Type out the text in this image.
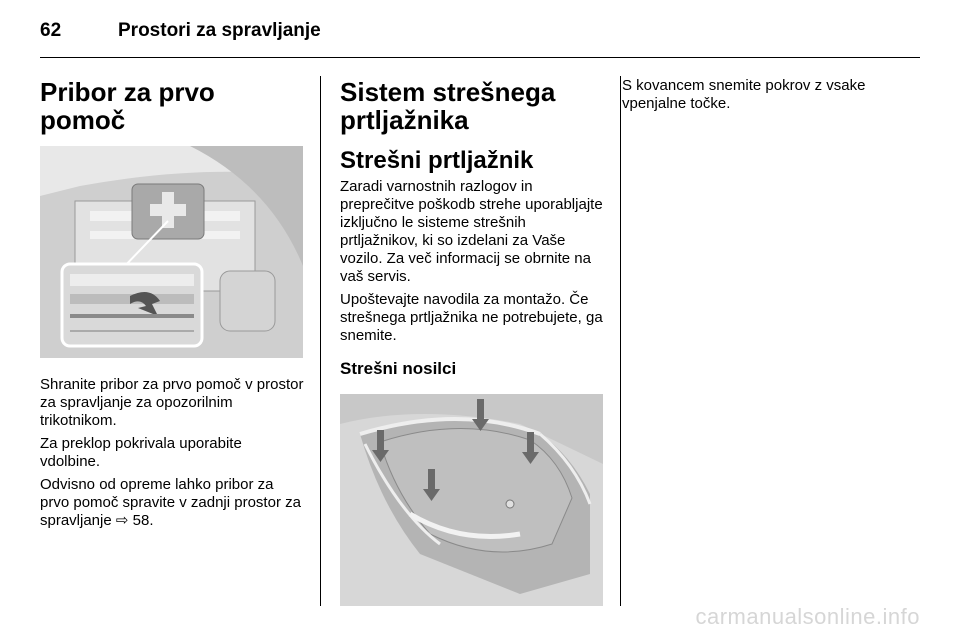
62	Prostori za spravljanje
Pribor za prvo pomoč

Shranite pribor za prvo pomoč v prostor za spravljanje za opozorilnim trikotnikom.

Za preklop pokrivala uporabite vdolbine.

Odvisno od opreme lahko pribor za prvo pomoč spravite v zadnji prostor za spravljanje ⇨ 58.

Sistem strešnega prtljažnika
Strešni prtljažnik

Zaradi varnostnih razlogov in preprečitve poškodb strehe uporabljajte izključno le sisteme strešnih prtljažnikov, ki so izdelani za Vaše vozilo. Za več informacij se obrnite na vaš servis.

Upoštevajte navodila za montažo. Če strešnega prtljažnika ne potrebujete, ga snemite.

Strešni nosilci

S kovancem snemite pokrov z vsake vpenjalne točke.

carmanualsonline.info
